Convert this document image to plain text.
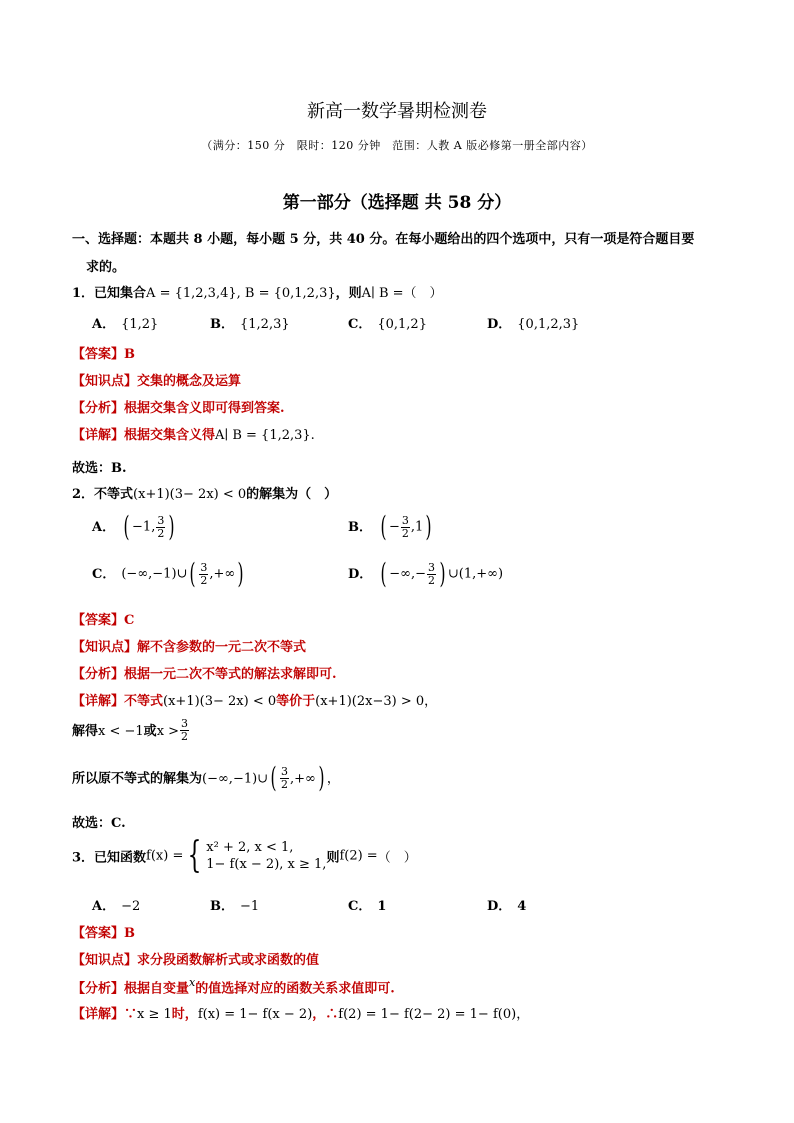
新高一数学暑期检测卷
（满分：150 分　限时：120 分钟　范围：人教 A 版必修第一册全部内容）
第一部分（选择题 共 58 分）
一、选择题：本题共 8 小题，每小题 5 分，共 40 分。在每小题给出的四个选项中，只有一项是符合题目要
求的。
1．已知集合A = {1,2,3,4}, B = {0,1,2,3}，则A∣ B =（　）
A． {1,2}	B． {1,2,3}	C． {0,1,2}	D． {0,1,2,3}
【答案】B
【知识点】交集的概念及运算
【分析】根据交集含义即可得到答案.
【详解】根据交集含义得A∣ B = {1,2,3}.
故选：B.
2．不等式(x+1)(3− 2x) < 0的解集为（　）
A． ( −1, $\frac{3}{2}$ )	B． ( − $\frac{3}{2} ,1$)
C． (−∞,−1)∪( $\frac{3}{2}$ ,+∞)	D． ( −∞,− $\frac{3}{2}$ ) ∪(1,+∞)
【答案】C
【知识点】解不含参数的一元二次不等式
【分析】根据一元二次不等式的解法求解即可.
【详解】不等式(x+1)(3− 2x) < 0等价于(x+1)(2x−3) > 0，
解得x < −1或$x > \frac{3}{2}$
所以原不等式的解集为(−∞,−1)∪( $\frac{3}{2}$ ,+∞) ，
故选：C.
3．已知函数f(x) = { x² + 2, x < 1,
1− f(x − 2), x ≥ 1, 则f(2) =（　）
A． −2	B． −1	C． 1	D． 4
【答案】B
【知识点】求分段函数解析式或求函数的值
【分析】根据自变量$^x$的值选择对应的函数关系求值即可.
【详解】∵x ≥ 1时，f(x) = 1− f(x − 2)，∴f(2) = 1− f(2− 2) = 1− f(0)，
